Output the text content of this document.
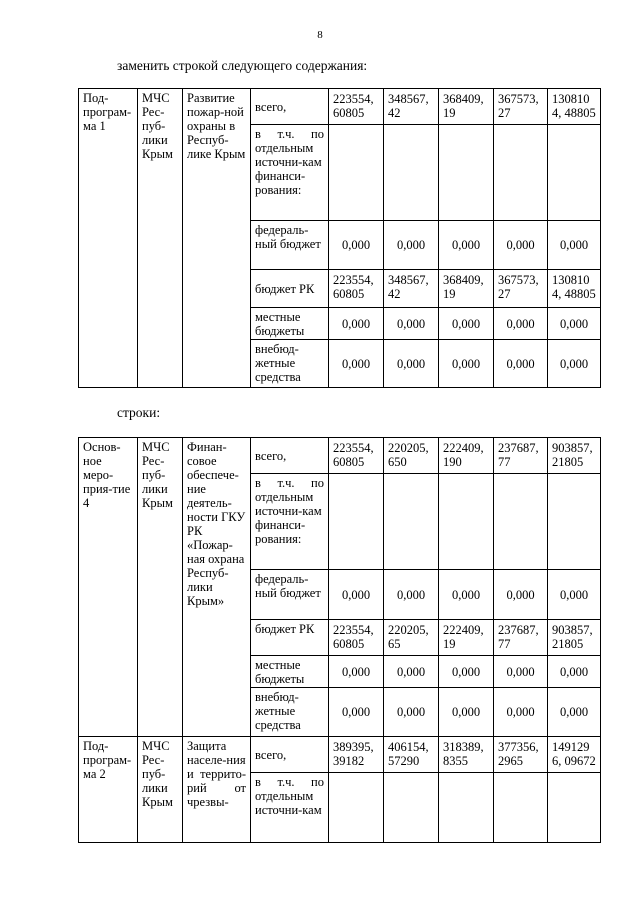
8
заменить строкой следующего содержания:
Под-програм-ма 1	МЧС Рес-пуб-лики Крым	Развитие пожар-ной охраны в Респуб-лике Крым	всего,	223554, 60805	348567, 42	368409, 19	367573, 27	1308104, 48805
			в т.ч. по отдельным источни-кам финанси-рования:					
			федераль-ный бюджет	0,000	0,000	0,000	0,000	0,000
			бюджет РК	223554, 60805	348567, 42	368409, 19	367573, 27	1308104, 48805
			местные бюджеты	0,000	0,000	0,000	0,000	0,000
			внебюд-жетные средства	0,000	0,000	0,000	0,000	0,000
строки:
Основ-ное меро-прия-тие 4	МЧС Рес-пуб-лики Крым	Финан-совое обеспече-ние деятель-ности ГКУ РК «Пожар-ная охрана Респуб-лики Крым»	всего,	223554, 60805	220205, 650	222409, 190	237687, 77	903857, 21805
			в т.ч. по отдельным источни-кам финанси-рования:					
			федераль-ный бюджет	0,000	0,000	0,000	0,000	0,000
			бюджет РК	223554, 60805	220205, 65	222409, 19	237687, 77	903857, 21805
			местные бюджеты	0,000	0,000	0,000	0,000	0,000
			внебюд-жетные средства	0,000	0,000	0,000	0,000	0,000
Под-програм-ма 2	МЧС Рес-пуб-лики Крым	Защита населе-ния и террито-рий от чрезвы-	всего,	389395, 39182	406154, 57290	318389, 8355	377356, 2965	1491296, 09672
			в т.ч. по отдельным источни-кам					
